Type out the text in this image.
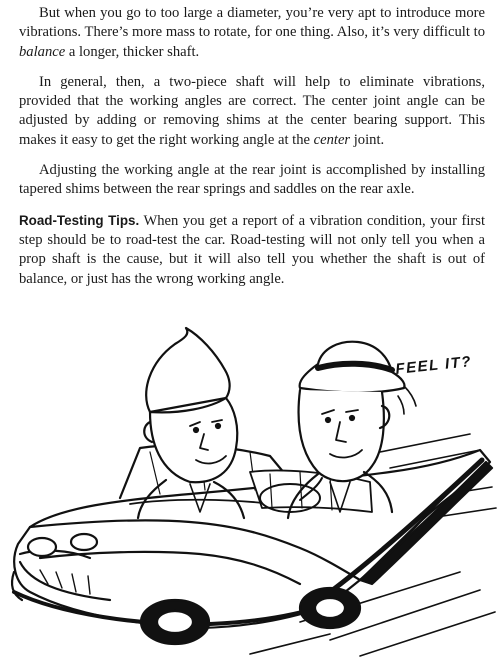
But when you go to too large a diameter, you’re very apt to introduce more vibrations. There’s more mass to rotate, for one thing. Also, it’s very difficult to balance a longer, thicker shaft.

In general, then, a two-piece shaft will help to eliminate vibrations, provided that the working angles are correct. The center joint angle can be adjusted by adding or removing shims at the center bearing support. This makes it easy to get the right working angle at the center joint.

Adjusting the working angle at the rear joint is accomplished by installing tapered shims between the rear springs and saddles on the rear axle.

Road-Testing Tips. When you get a report of a vibration condition, your first step should be to road-test the car. Road-testing will not only tell you when a prop shaft is the cause, but it will also tell you whether the shaft is out of balance, or just has the wrong working angle.

FEEL IT?
